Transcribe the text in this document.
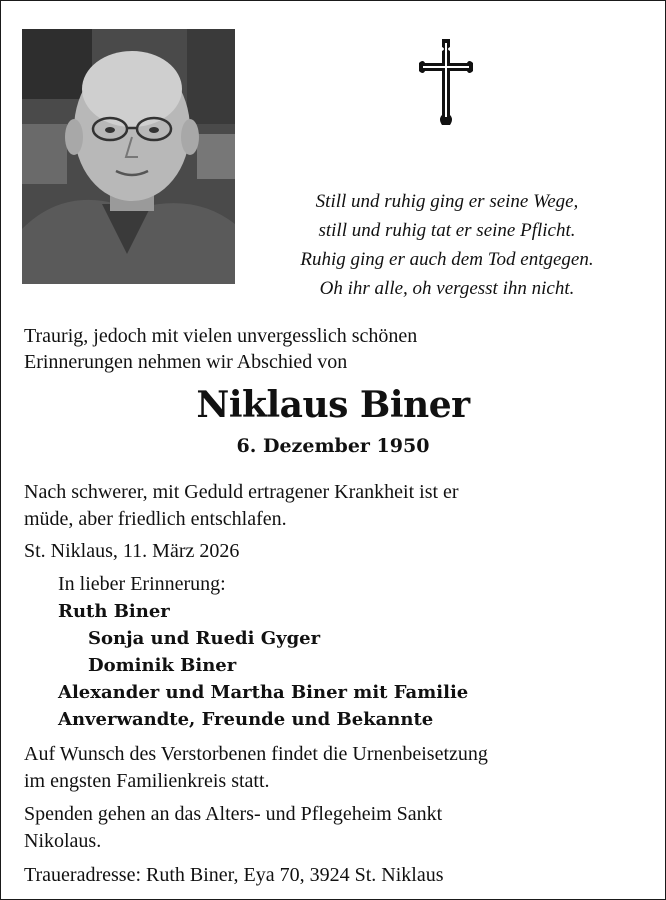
Still und ruhig ging er seine Wege,
still und ruhig tat er seine Pflicht.
Ruhig ging er auch dem Tod entgegen.
Oh ihr alle, oh vergesst ihn nicht.
Traurig, jedoch mit vielen unvergesslich schönen
Erinnerungen nehmen wir Abschied von
Niklaus Biner
6. Dezember 1950
Nach schwerer, mit Geduld ertragener Krankheit ist er
müde, aber friedlich entschlafen.
St. Niklaus, 11. März 2026
In lieber Erinnerung:
Ruth Biner
Sonja und Ruedi Gyger
Dominik Biner
Alexander und Martha Biner mit Familie
Anverwandte, Freunde und Bekannte
Auf Wunsch des Verstorbenen findet die Urnenbeisetzung
im engsten Familienkreis statt.
Spenden gehen an das Alters- und Pflegeheim Sankt
Nikolaus.
Traueradresse: Ruth Biner, Eya 70, 3924 St. Niklaus
